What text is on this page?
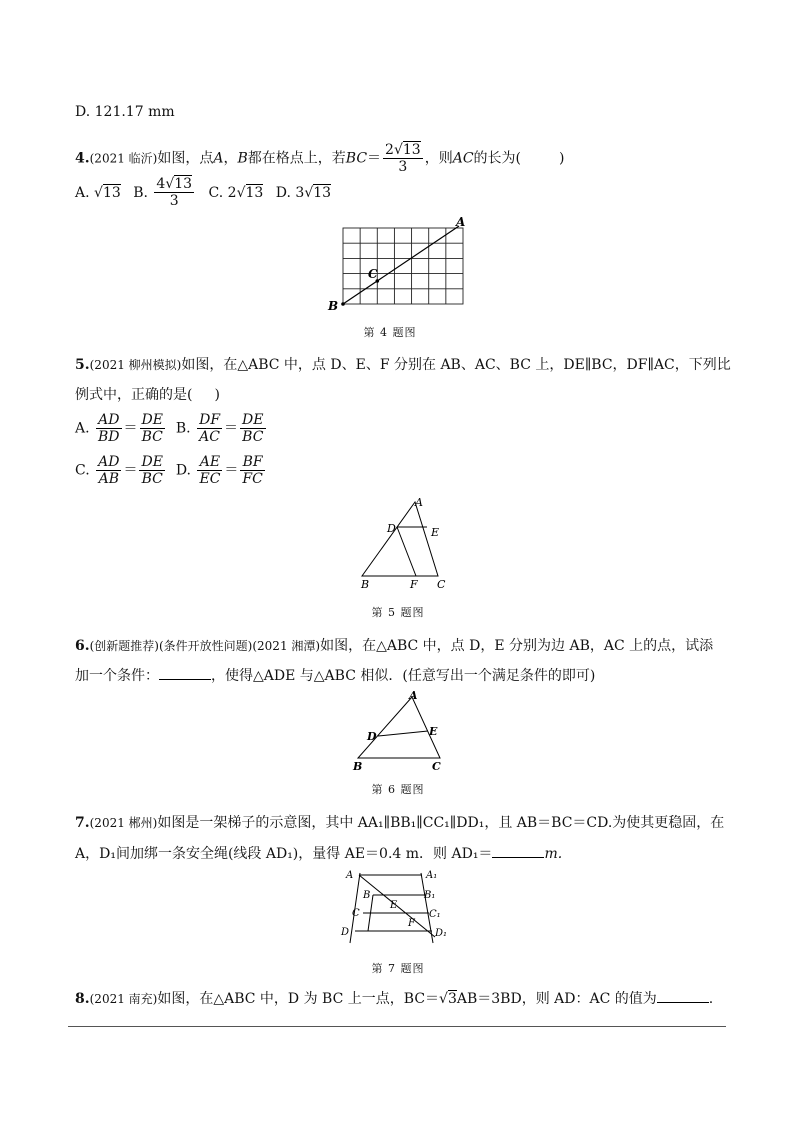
D. 121.17 mm
4.(2021 临沂)如图，点A，B都在格点上，若$BC= \frac{2√13}{3}$ ，则AC的长为(	)
A. √13 B. $\frac{4√13}{3} C$. 2√13 D. 3√13
A
B
C
第 4 题图
5.(2021 柳州模拟)如图，在△ABC 中，点 D、E、F 分别在 AB、AC、BC 上，DE∥BC，DF∥AC，下列比
例式中，正确的是( )
A. $\frac{AD}{BD} = \frac{DE}{BC} B$. $\frac{DF}{AC} = \frac{DE}{BC}$
C. $\frac{AD}{AB} = \frac{DE}{BC} D$. $\frac{AE}{EC} = \frac{BF}{FC}$
A
B	C
D	E
F
第 5 题图
6.(创新题推荐)(条件开放性问题)(2021 湘潭)如图，在△ABC 中，点 D，E 分别为边 AB，AC 上的点，试添
加一个条件：	，使得△ADE 与△ABC 相似．(任意写出一个满足条件的即可)
A
B	C
D	E
第 6 题图
7.(2021 郴州)如图是一架梯子的示意图，其中 AA₁∥BB₁∥CC₁∥DD₁，且 AB＝BC＝CD.为使其更稳固，在
A，D₁间加绑一条安全绳(线段 AD₁)，量得 AE＝0.4 m．则 AD₁＝	m.
A	A₁
B	B₁
C	C₁
D	D₁
E
F
第 7 题图
8.(2021 南充)如图，在△ABC 中，D 为 BC 上一点，BC＝√3AB＝3BD，则 AD：AC 的值为	.
